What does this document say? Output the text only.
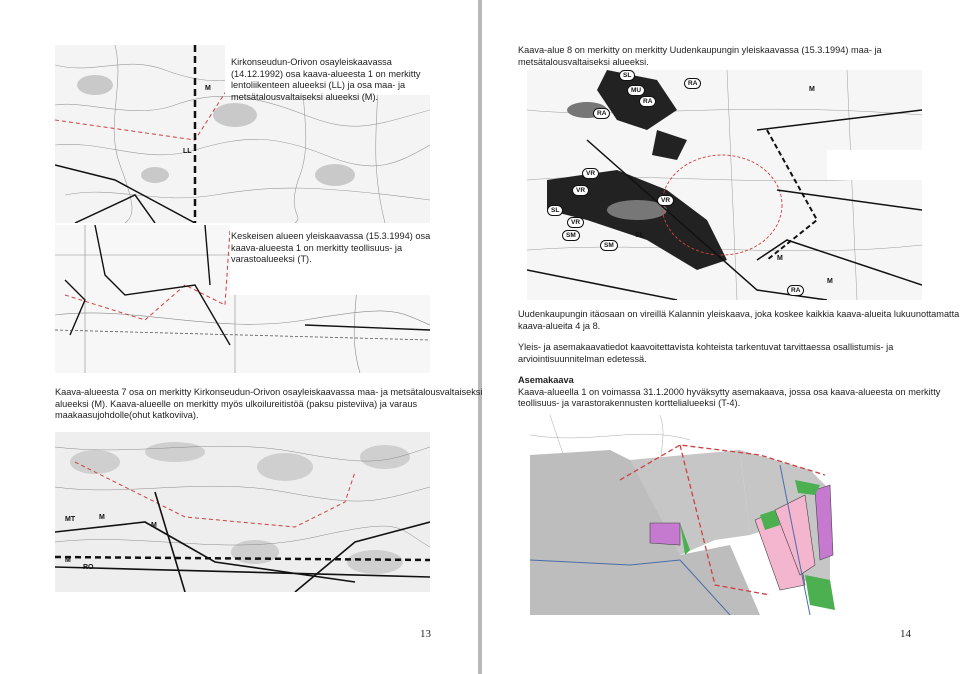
LL
M
Kirkonseudun-Orivon osayleiskaavassa
(14.12.1992) osa kaava-alueesta 1 on merkitty
lentoliikenteen alueeksi (LL) ja osa maa- ja
metsätalousvaltaiseksi alueeksi (M).
Keskeisen alueen yleiskaavassa (15.3.1994) osa
kaava-alueesta 1 on merkitty teollisuus- ja
varastoalueeksi (T).
Kaava-alueesta 7 osa on merkitty Kirkonseudun-Orivon osayleiskaavassa maa- ja metsätalousvaltaiseksi
alueeksi (M). Kaava-alueelle on merkitty myös ulkoilureitistöä (paksu pisteviiva) ja varaus
maakaasujohdolle(ohut katkoviiva).
MT	M
M
M
RO
13
Kaava-alue 8 on merkitty on merkitty Uudenkaupungin yleiskaavassa (15.3.1994) maa- ja
metsätalousvaltaiseksi alueeksi.
SL
MU
RA
RA
RA
M
VR
VR
SL
VR
SM
SM
SL
M
M
VR
RA
Uudenkaupungin itäosaan on vireillä Kalannin yleiskaava, joka koskee kaikkia kaava-alueita lukuunottamatta
kaava-alueita 4 ja 8.
Yleis- ja asemakaavatiedot kaavoitettavista kohteista tarkentuvat tarvittaessa osallistumis- ja
arviointisuunnitelman edetessä.
Asemakaava
Kaava-alueella 1 on voimassa 31.1.2000 hyväksytty asemakaava, jossa osa kaava-alueesta on merkitty
teollisuus- ja varastorakennusten korttelialueeksi (T-4).
14
